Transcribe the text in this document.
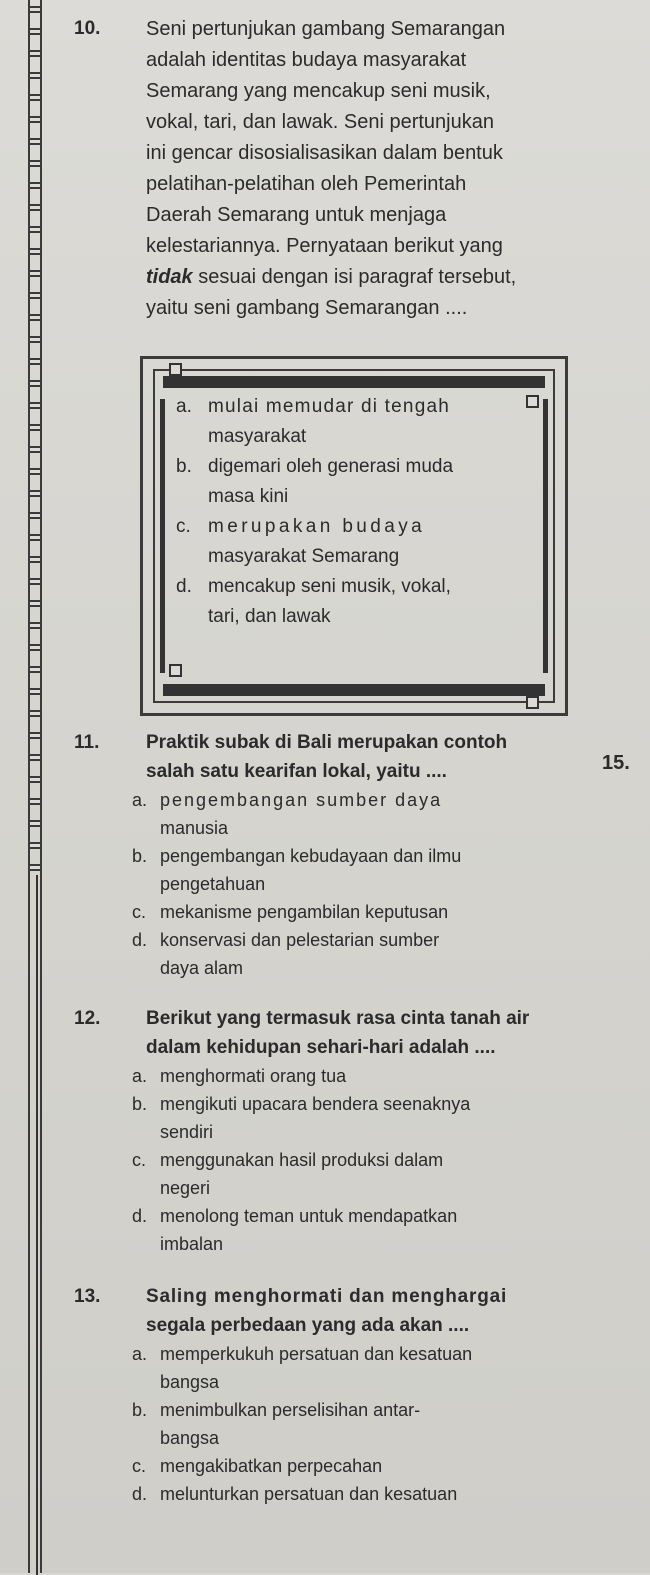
10. Seni pertunjukan gambang Semarangan
adalah identitas budaya masyarakat
Semarang yang mencakup seni musik,
vokal, tari, dan lawak. Seni pertunjukan
ini gencar disosialisasikan dalam bentuk
pelatihan-pelatihan oleh Pemerintah
Daerah Semarang untuk menjaga
kelestariannya. Pernyataan berikut yang
tidak sesuai dengan isi paragraf tersebut,
yaitu seni gambang Semarangan ....
a. mulai memudar di tengah
masyarakat
b. digemari oleh generasi muda
masa kini
c. merupakan budaya
masyarakat Semarang
d. mencakup seni musik, vokal,
tari, dan lawak
11. Praktik subak di Bali merupakan contoh
salah satu kearifan lokal, yaitu ....
a. pengembangan sumber daya
manusia
b. pengembangan kebudayaan dan ilmu
pengetahuan
c. mekanisme pengambilan keputusan
d. konservasi dan pelestarian sumber
daya alam
15.
12. Berikut yang termasuk rasa cinta tanah air
dalam kehidupan sehari-hari adalah ....
a. menghormati orang tua
b. mengikuti upacara bendera seenaknya
sendiri
c. menggunakan hasil produksi dalam
negeri
d. menolong teman untuk mendapatkan
imbalan
13. Saling menghormati dan menghargai
segala perbedaan yang ada akan ....
a. memperkukuh persatuan dan kesatuan
bangsa
b. menimbulkan perselisihan antar-
bangsa
c. mengakibatkan perpecahan
d. melunturkan persatuan dan kesatuan
